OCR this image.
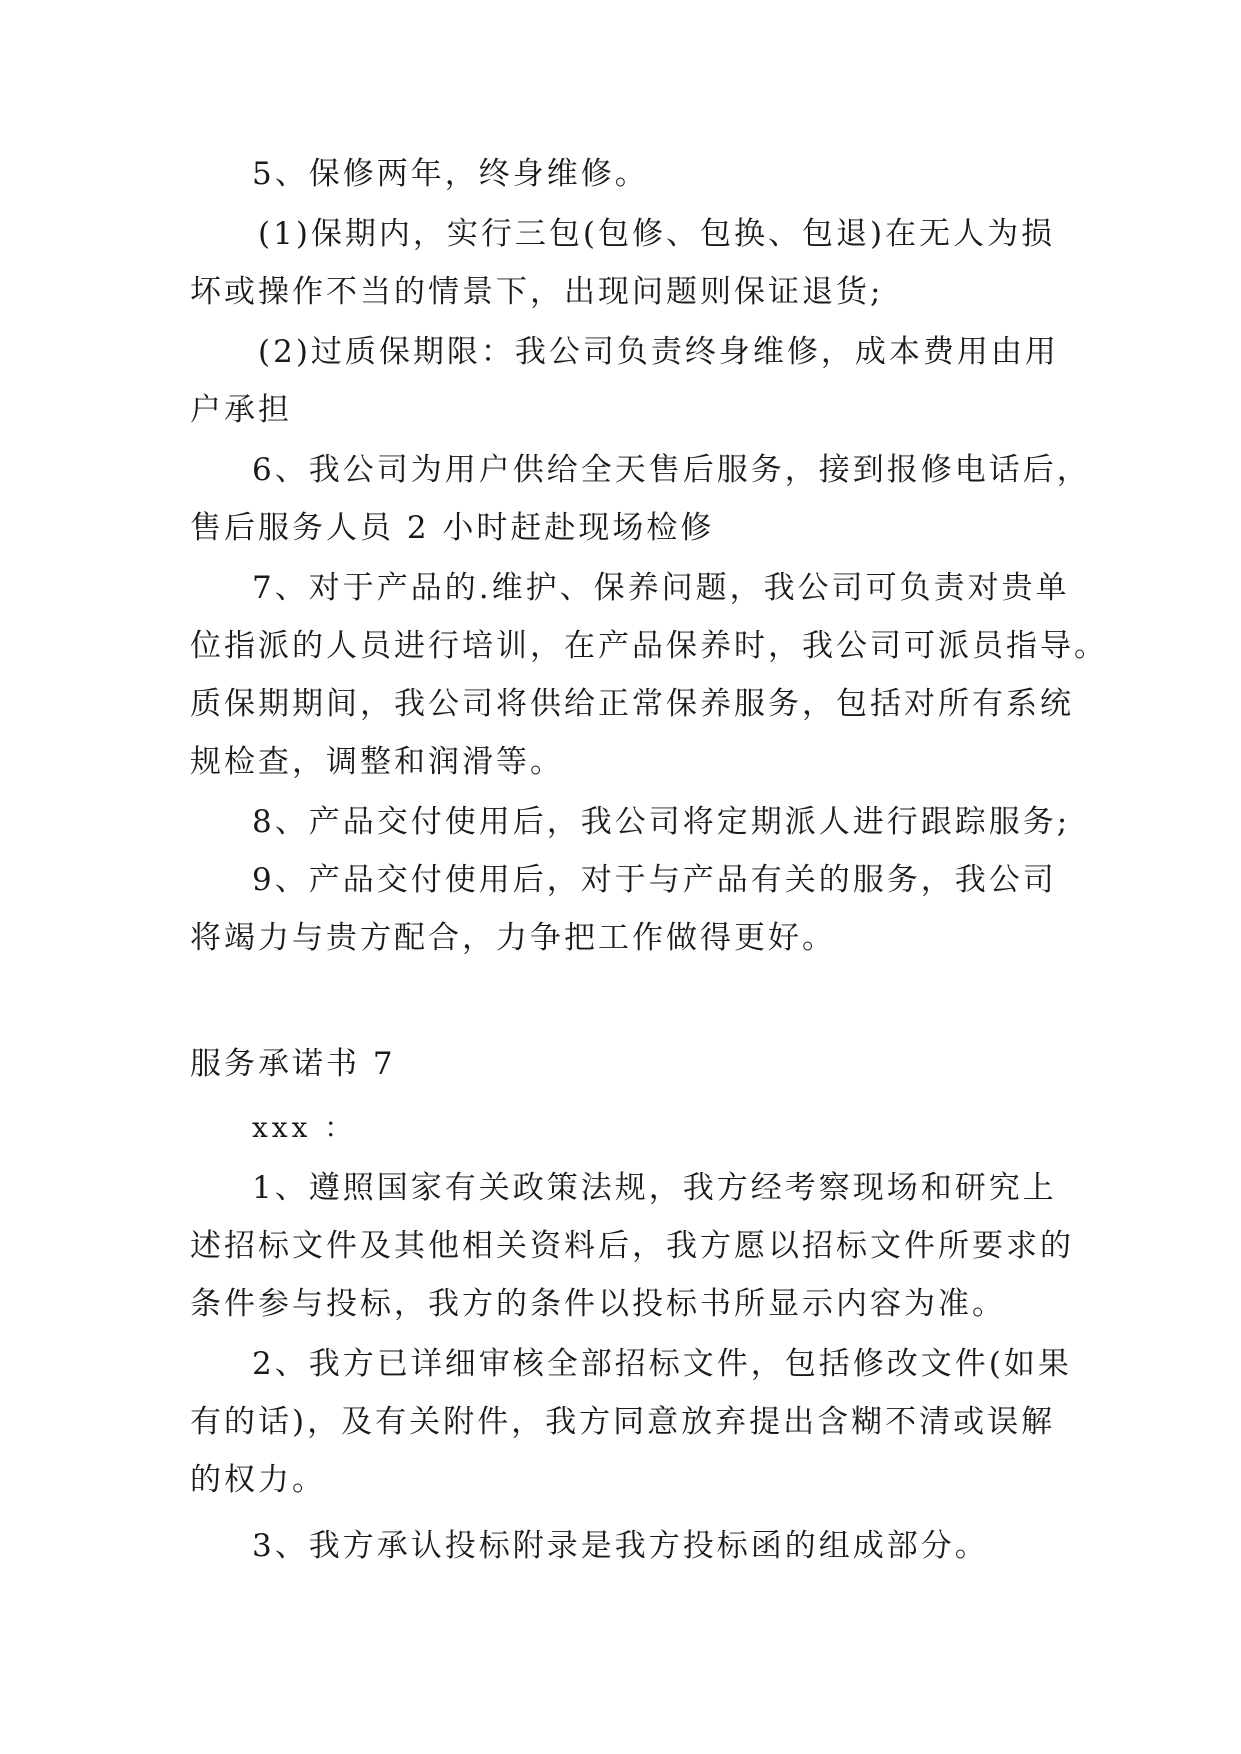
5、保修两年，终身维修。
(1)保期内，实行三包(包修、包换、包退)在无人为损
坏或操作不当的情景下，出现问题则保证退货;
(2)过质保期限：我公司负责终身维修，成本费用由用
户承担
6、我公司为用户供给全天售后服务，接到报修电话后，
售后服务人员 2 小时赶赴现场检修
7、对于产品的.维护、保养问题，我公司可负责对贵单
位指派的人员进行培训，在产品保养时，我公司可派员指导。
质保期期间，我公司将供给正常保养服务，包括对所有系统
规检查，调整和润滑等。
8、产品交付使用后，我公司将定期派人进行跟踪服务;
9、产品交付使用后，对于与产品有关的服务，我公司
将竭力与贵方配合，力争把工作做得更好。
服务承诺书 7
xxx ：
1、遵照国家有关政策法规，我方经考察现场和研究上
述招标文件及其他相关资料后，我方愿以招标文件所要求的
条件参与投标，我方的条件以投标书所显示内容为准。
2、我方已详细审核全部招标文件，包括修改文件(如果
有的话)，及有关附件，我方同意放弃提出含糊不清或误解
的权力。
3、我方承认投标附录是我方投标函的组成部分。
